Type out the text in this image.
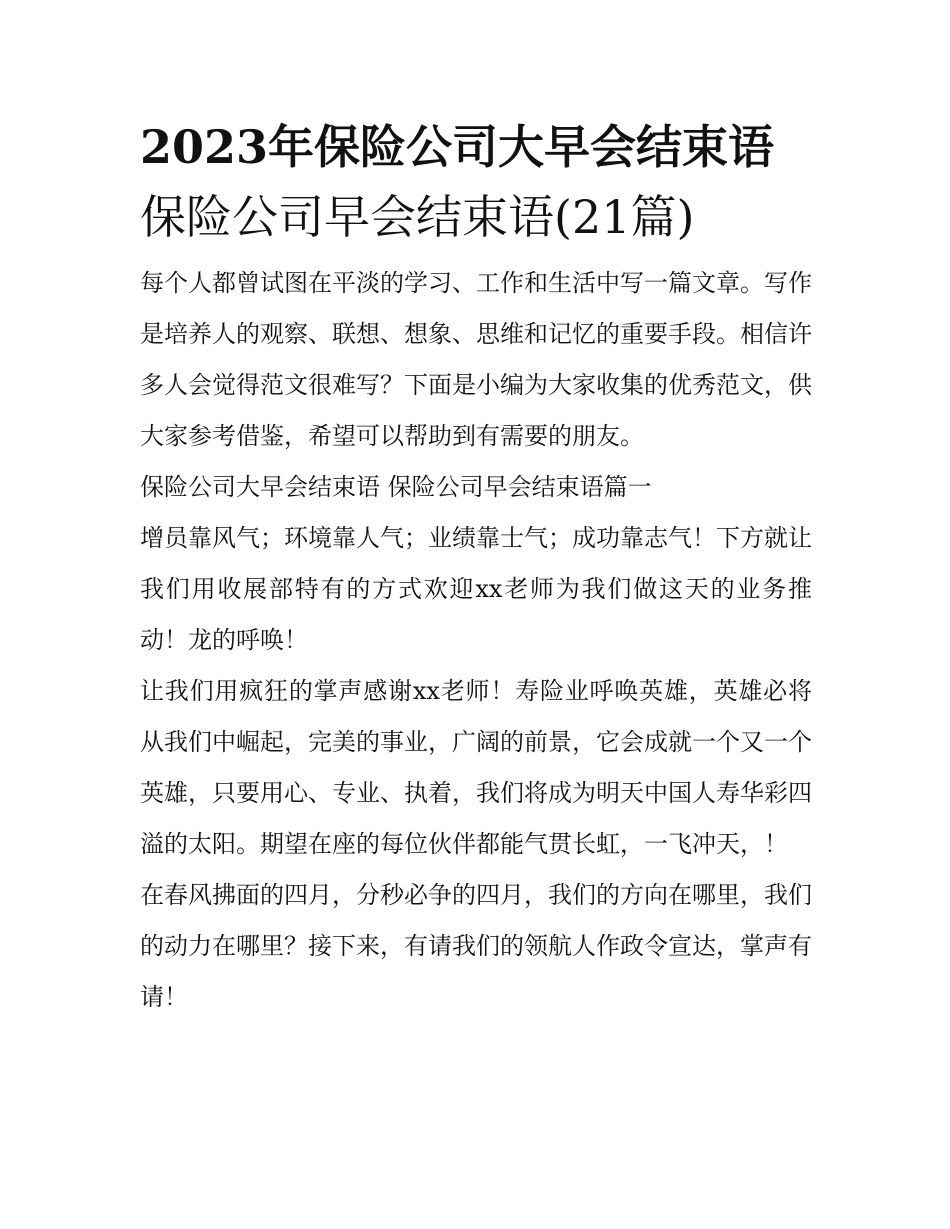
2023年保险公司大早会结束语
保险公司早会结束语(21篇)

每个人都曾试图在平淡的学习、工作和生活中写一篇文章。写作是培养人的观察、联想、想象、思维和记忆的重要手段。相信许多人会觉得范文很难写？下面是小编为大家收集的优秀范文，供大家参考借鉴，希望可以帮助到有需要的朋友。

保险公司大早会结束语 保险公司早会结束语篇一

增员靠风气；环境靠人气；业绩靠士气；成功靠志气！下方就让我们用收展部特有的方式欢迎xx老师为我们做这天的业务推动！龙的呼唤！

让我们用疯狂的掌声感谢xx老师！寿险业呼唤英雄，英雄必将从我们中崛起，完美的事业，广阔的前景，它会成就一个又一个英雄，只要用心、专业、执着，我们将成为明天中国人寿华彩四溢的太阳。期望在座的每位伙伴都能气贯长虹，一飞冲天，！

在春风拂面的四月，分秒必争的四月，我们的方向在哪里，我们的动力在哪里？接下来，有请我们的领航人作政令宣达，掌声有请！
